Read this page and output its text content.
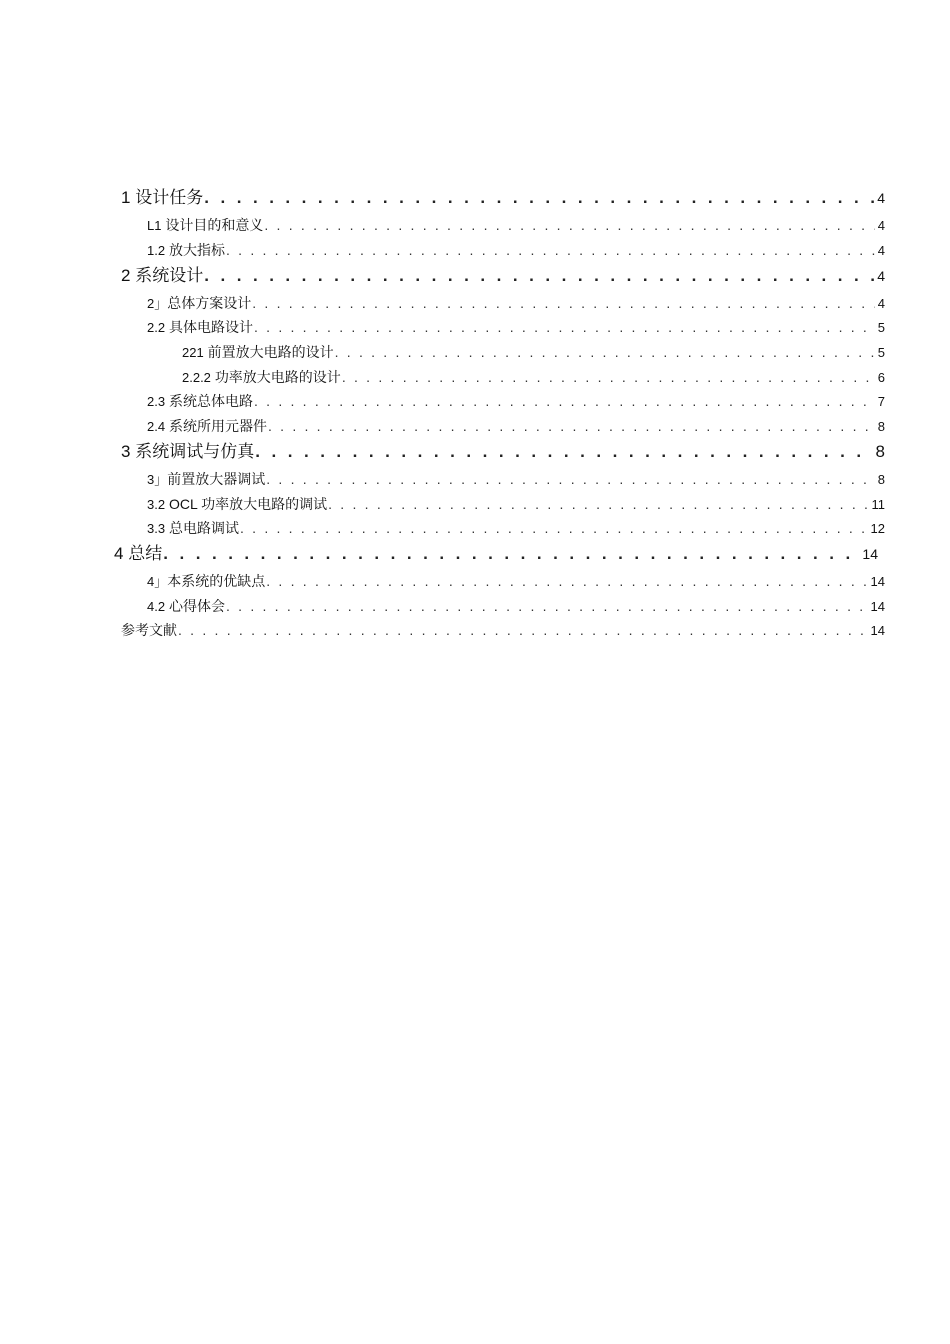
1 设计任务 . . .	4
L1 设计目的和意义 . . .	4
1.2 放大指标 . . .	4
2 系统设计 . . .	4
2」总体方案设计 . . .	4
2.2 具体电路设计 . . .	5
221 前置放大电路的设计 . . .	5
2.2.2 功率放大电路的设计 . . .	6
2.3 系统总体电路 . . .	7
2.4 系统所用元器件 . . .	8
3 系统调试与仿真 . . .	8
3」前置放大器调试 . . .	8
3.2 OCL 功率放大电路的调试 . . .	11
3.3 总电路调试 . . .	12
4 总结 . . .	14
4」本系统的优缺点 . . .	14
4.2 心得体会 . . .	14
参考文献 . . .	14
